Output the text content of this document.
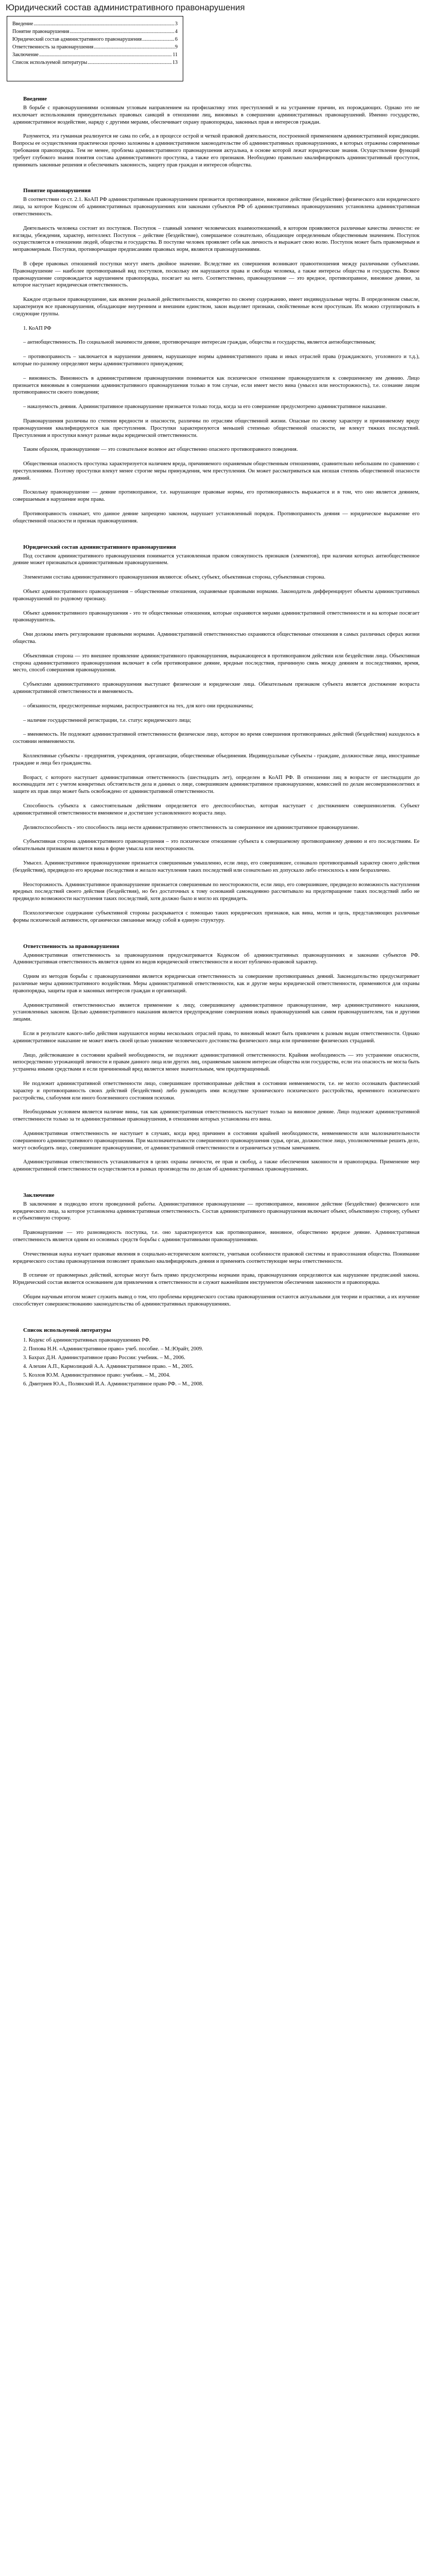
Юридический состав административного правонарушения
Введение .....	3
Понятие правонарушения .....	4
Юридический состав административного правонарушения .....	6
Ответственность за правонарушения .....	9
Заключение .....	11
Список используемой литературы .....	13
Введение

В борьбе с правонарушениями основным угловым направлением на профилактику этих преступлений и на устранение причин, их порождающих. Однако это не исключает использования принудительных правовых санкций в отношении лиц, виновных в совершении административных правонарушений. Именно государство, административное воздействие, наряду с другими мерами, обеспечивает охрану правопорядка, законных прав и интересов граждан.

Разумеется, эта гуманная реализуется не сама по себе, а в процессе острой и четкой правовой деятельности, построенной применением административной юрисдикции. Вопросы ее осуществления практически прочно заложены в административном законодательстве об административных правонарушениях, в которых отражены современные требования правопорядка. Тем не менее, проблема административного правонарушения актуальна, в основе которой лежат юридические знания. Осуществление функций требует глубокого знания понятия состава административного проступка, а также его признаков. Необходимо правильно квалифицировать административный проступок, принимать законные решения и обеспечивать законность, защиту прав граждан и интересов общества.

Понятие правонарушения

В соответствии со ст. 2.1. КоАП РФ административным правонарушением признается противоправное, виновное действие (бездействие) физического или юридического лица, за которое Кодексом об административных правонарушениях или законами субъектов РФ об административных правонарушениях установлена административная ответственность.

Деятельность человека состоит из поступков. Поступок – главный элемент человеческих взаимоотношений, в котором проявляются различные качества личности: ее взгляды, убеждения, характер, интеллект. Поступок – действие (бездействие), совершаемое сознательно, обладающее определенным общественным значением. Поступок осуществляется в отношении людей, общества и государства. В поступке человек проявляет себя как личность и выражает свою волю. Поступок может быть правомерным и неправомерным. Поступки, противоречащие предписаниям правовых норм, являются правонарушениями.

В сфере правовых отношений поступки могут иметь двойное значение. Вследствие их совершения возникают правоотношения между различными субъектами. Правонарушение — наиболее противоправный вид поступков, поскольку им нарушаются права и свободы человека, а также интересы общества и государства. Всякое правонарушение сопровождается нарушением правопорядка, посягает на него. Соответственно, правонарушение — это вредное, противоправное, виновное деяние, за которое наступает юридическая ответственность.

Каждое отдельное правонарушение, как явление реальной действительности, конкретно по своему содержанию, имеет индивидуальные черты. В определенном смысле, характеризуя все правонарушения, обладающие внутренним и внешним единством, закон выделяет признаки, свойственные всем проступкам. Их можно сгруппировать в следующие группы.

1. КоАП РФ

– антиобщественность. По социальной значимости деяние, противоречащее интересам граждан, общества и государства, является антиобщественным;

– противоправность – заключается в нарушении деянием, нарушающее нормы административного права и иных отраслей права (гражданского, уголовного и т.д.), которые по-разному определяют меры административного принуждения;

– виновность. Виновность в административном правонарушении понимается как психическое отношение правонарушителя к совершенному им деянию. Лицо признается виновным в совершении административного правонарушения только в том случае, если имеет место вина (умысел или неосторожность), т.е. сознание лицом противоправности своего поведения;

– наказуемость деяния. Административное правонарушение признается только тогда, когда за его совершение предусмотрено административное наказание.

Правонарушения различны по степени вредности и опасности, различны по отраслям общественной жизни. Опасные по своему характеру и причиняемому вреду правонарушения квалифицируются как преступления. Проступки характеризуются меньшей степенью общественной опасности, не влекут тяжких последствий. Преступления и проступки влекут разные виды юридической ответственности.

Таким образом, правонарушение — это сознательное волевое акт общественно опасного противоправного поведения.

Общественная опасность проступка характеризуется наличием вреда, причиняемого охраняемым общественным отношениям, сравнительно небольшим по сравнению с преступлениями. Поэтому проступки влекут менее строгие меры принуждения, чем преступления. Он может рассматриваться как низшая степень общественной опасности деяний.

Поскольку правонарушение — деяние противоправное, т.е. нарушающее правовые нормы, его противоправность выражается и в том, что оно является деянием, совершаемым в нарушение норм права.

Противоправность означает, что данное деяние запрещено законом, нарушает установленный порядок. Противоправность деяния — юридическое выражение его общественной опасности и признак правонарушения.

Юридический состав административного правонарушения

Под составом административного правонарушения понимается установленная правом совокупность признаков (элементов), при наличии которых антиобщественное деяние может признаваться административным правонарушением.

Элементами состава административного правонарушения являются: объект, субъект, объективная сторона, субъективная сторона.

Объект административного правонарушения – общественные отношения, охраняемые правовыми нормами. Законодатель дифференцирует объекты административных правонарушений по родовому признаку.

Объект административного правонарушения - это те общественные отношения, которые охраняются мерами административной ответственности и на которые посягает правонарушитель.

Они должны иметь регулирование правовыми нормами. Административной ответственностью охраняются общественные отношения в самых различных сферах жизни общества.

Объективная сторона — это внешнее проявление административного правонарушения, выражающееся в противоправном действии или бездействии лица. Объективная сторона административного правонарушения включает в себя противоправное деяние, вредные последствия, причинную связь между деянием и последствиями, время, место, способ совершения правонарушения.

Субъектами административного правонарушения выступают физические и юридические лица. Обязательным признаком субъекта является достижение возраста административной ответственности и вменяемость.

– обязанности, предусмотренные нормами, распространяются на тех, для кого они предназначены;

– наличие государственной регистрации, т.е. статус юридического лица;

– вменяемость. Не подлежит административной ответственности физическое лицо, которое во время совершения противоправных действий (бездействия) находилось в состоянии невменяемости.

Коллективные субъекты - предприятия, учреждения, организации, общественные объединения. Индивидуальные субъекты - граждане, должностные лица, иностранные граждане и лица без гражданства.

Возраст, с которого наступает административная ответственность (шестнадцать лет), определен в КоАП РФ. В отношении лиц в возрасте от шестнадцати до восемнадцати лет с учетом конкретных обстоятельств дела и данных о лице, совершившем административное правонарушение, комиссией по делам несовершеннолетних и защите их прав лицо может быть освобождено от административной ответственности.

Способность субъекта к самостоятельным действиям определяется его дееспособностью, которая наступает с достижением совершеннолетия. Субъект административной ответственности вменяемое и достигшее установленного возраста лицо.

Деликтоспособность - это способность лица нести административную ответственность за совершенное им административное правонарушение.

Субъективная сторона административного правонарушения – это психическое отношение субъекта к совершаемому противоправному деянию и его последствиям. Ее обязательным признаком является вина в форме умысла или неосторожности.

Умысел. Административное правонарушение признается совершенным умышленно, если лицо, его совершившее, сознавало противоправный характер своего действия (бездействия), предвидело его вредные последствия и желало наступления таких последствий или сознательно их допускало либо относилось к ним безразлично.

Неосторожность. Административное правонарушение признается совершенным по неосторожности, если лицо, его совершившее, предвидело возможность наступления вредных последствий своего действия (бездействия), но без достаточных к тому оснований самонадеянно рассчитывало на предотвращение таких последствий либо не предвидело возможности наступления таких последствий, хотя должно было и могло их предвидеть.

Психологическое содержание субъективной стороны раскрывается с помощью таких юридических признаков, как вина, мотив и цель, представляющих различные формы психической активности, органически связанные между собой в единую структуру.

Ответственность за правонарушения

Административная ответственность за правонарушения предусматривается Кодексом об административных правонарушениях и законами субъектов РФ. Административная ответственность является одним из видов юридической ответственности и носит публично-правовой характер.

Одним из методов борьбы с правонарушениями является юридическая ответственность за совершение противоправных деяний. Законодательство предусматривает различные меры административного воздействия. Меры административной ответственности, как и другие меры юридической ответственности, применяются для охраны правопорядка, защиты прав и законных интересов граждан и организаций.

Административной ответственностью является применение к лицу, совершившему административное правонарушение, мер административного наказания, установленных законом. Целью административного наказания является предупреждение совершения новых правонарушений как самим правонарушителем, так и другими лицами.

Если в результате какого-либо действия нарушаются нормы нескольких отраслей права, то виновный может быть привлечен к разным видам ответственности. Однако административное наказание не может иметь своей целью унижение человеческого достоинства физического лица или причинение физических страданий.

Лицо, действовавшее в состоянии крайней необходимости, не подлежит административной ответственности. Крайняя необходимость — это устранение опасности, непосредственно угрожающей личности и правам данного лица или других лиц, охраняемым законом интересам общества или государства, если эта опасность не могла быть устранена иными средствами и если причиненный вред является менее значительным, чем предотвращенный.

Не подлежит административной ответственности лицо, совершившее противоправные действия в состоянии невменяемости, т.е. не могло осознавать фактический характер и противоправность своих действий (бездействия) либо руководить ими вследствие хронического психического расстройства, временного психического расстройства, слабоумия или иного болезненного состояния психики.

Необходимым условием является наличие вины, так как административная ответственность наступает только за виновное деяние. Лицо подлежит административной ответственности только за те административные правонарушения, в отношении которых установлена его вина.

Административная ответственность не наступает в случаях, когда вред причинен в состоянии крайней необходимости, невменяемости или малозначительности совершенного административного правонарушения. При малозначительности совершенного правонарушения судья, орган, должностное лицо, уполномоченные решить дело, могут освободить лицо, совершившее правонарушение, от административной ответственности и ограничиться устным замечанием.

Административная ответственность устанавливается в целях охраны личности, ее прав и свобод, а также обеспечения законности и правопорядка. Применение мер административной ответственности осуществляется в рамках производства по делам об административных правонарушениях.

Заключение

В заключение я подводлю итоги проведенной работы. Административное правонарушение — противоправное, виновное действие (бездействие) физического или юридического лица, за которое установлена административная ответственность. Состав административного правонарушения включает объект, объективную сторону, субъект и субъективную сторону.

Правонарушение — это разновидность поступка, т.е. оно характеризуется как противоправное, виновное, общественно вредное деяние. Административная ответственность является одним из основных средств борьбы с административными правонарушениями.

Отечественная наука изучает правовые явления в социально-историческом контексте, учитывая особенности правовой системы и правосознания общества. Понимание юридического состава правонарушения позволяет правильно квалифицировать деяния и применять соответствующие меры ответственности.

В отличие от правомерных действий, которые могут быть прямо предусмотрены нормами права, правонарушения определяются как нарушение предписаний закона. Юридический состав является основанием для привлечения к ответственности и служит важнейшим инструментом обеспечения законности и правопорядка.

Общим научным итогом может служить вывод о том, что проблемы юридического состава правонарушения остаются актуальными для теории и практики, а их изучение способствует совершенствованию законодательства об административных правонарушениях.

Список используемой литературы
1. Кодекс об административных правонарушениях РФ.
2. Попова Н.Н. «Административное право» учеб. пособие. – М.:Юрайт, 2009.
3. Бахрах Д.Н. Административное право России: учебник. – М., 2006.
4. Алехин А.П., Кармолицкий А.А. Административное право. – М., 2005.
5. Козлов Ю.М. Административное право: учебник. – М., 2004.
6. Дмитриев Ю.А., Полянский И.А. Административное право РФ. – М., 2008.
